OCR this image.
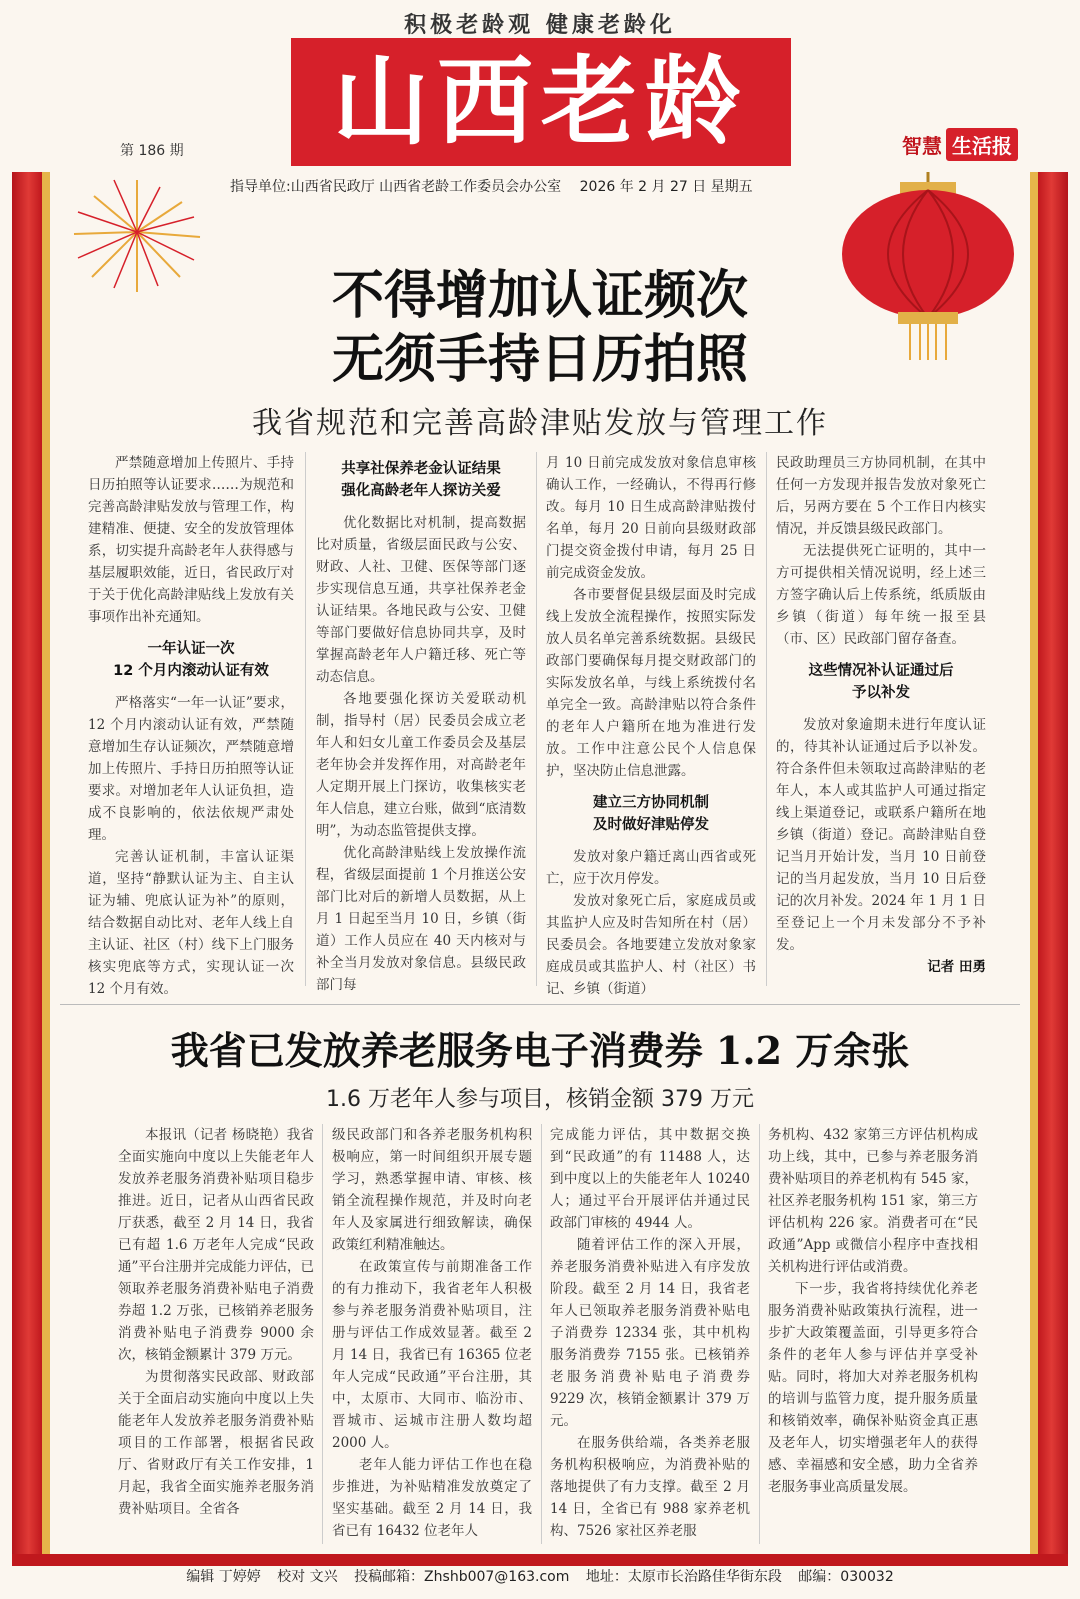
积极老龄观 健康老龄化
山西老龄
第 186 期	智慧 生活报
指导单位:山西省民政厅 山西省老龄工作委员会办公室 2026 年 2 月 27 日 星期五
不得增加认证频次
无须手持日历拍照
我省规范和完善高龄津贴发放与管理工作

严禁随意增加上传照片、手持日历拍照等认证要求……为规范和完善高龄津贴发放与管理工作，构建精准、便捷、安全的发放管理体系，切实提升高龄老年人获得感与基层履职效能，近日，省民政厅对于关于优化高龄津贴线上发放有关事项作出补充通知。

一年认证一次
12 个月内滚动认证有效

严格落实“一年一认证”要求，12 个月内滚动认证有效，严禁随意增加生存认证频次，严禁随意增加上传照片、手持日历拍照等认证要求。对增加老年人认证负担，造成不良影响的，依法依规严肃处理。

完善认证机制，丰富认证渠道，坚持“静默认证为主、自主认证为辅、兜底认证为补”的原则，结合数据自动比对、老年人线上自主认证、社区（村）线下上门服务核实兜底等方式，实现认证一次 12 个月有效。

共享社保养老金认证结果
强化高龄老年人探访关爱

优化数据比对机制，提高数据比对质量，省级层面民政与公安、财政、人社、卫健、医保等部门逐步实现信息互通，共享社保养老金认证结果。各地民政与公安、卫健等部门要做好信息协同共享，及时掌握高龄老年人户籍迁移、死亡等动态信息。

各地要强化探访关爱联动机制，指导村（居）民委员会成立老年人和妇女儿童工作委员会及基层老年协会并发挥作用，对高龄老年人定期开展上门探访，收集核实老年人信息，建立台账，做到“底清数明”，为动态监管提供支撑。

优化高龄津贴线上发放操作流程，省级层面提前 1 个月推送公安部门比对后的新增人员数据，从上月 1 日起至当月 10 日，乡镇（街道）工作人员应在 40 天内核对与补全当月发放对象信息。县级民政部门每

月 10 日前完成发放对象信息审核确认工作，一经确认，不得再行修改。每月 10 日生成高龄津贴拨付名单，每月 20 日前向县级财政部门提交资金拨付申请，每月 25 日前完成资金发放。

各市要督促县级层面及时完成线上发放全流程操作，按照实际发放人员名单完善系统数据。县级民政部门要确保每月提交财政部门的实际发放名单，与线上系统拨付名单完全一致。高龄津贴以符合条件的老年人户籍所在地为准进行发放。工作中注意公民个人信息保护，坚决防止信息泄露。

建立三方协同机制
及时做好津贴停发

发放对象户籍迁离山西省或死亡，应于次月停发。

发放对象死亡后，家庭成员或其监护人应及时告知所在村（居）民委员会。各地要建立发放对象家庭成员或其监护人、村（社区）书记、乡镇（街道）

民政助理员三方协同机制，在其中任何一方发现并报告发放对象死亡后，另两方要在 5 个工作日内核实情况，并反馈县级民政部门。

无法提供死亡证明的，其中一方可提供相关情况说明，经上述三方签字确认后上传系统，纸质版由乡镇（街道）每年统一报至县（市、区）民政部门留存备查。

这些情况补认证通过后
予以补发

发放对象逾期未进行年度认证的，待其补认证通过后予以补发。符合条件但未领取过高龄津贴的老年人，本人或其监护人可通过指定线上渠道登记，或联系户籍所在地乡镇（街道）登记。高龄津贴自登记当月开始计发，当月 10 日前登记的当月起发放，当月 10 日后登记的次月补发。2024 年 1 月 1 日至登记上一个月未发部分不予补发。

记者 田勇

我省已发放养老服务电子消费券 1.2 万余张
1.6 万老年人参与项目，核销金额 379 万元

本报讯（记者 杨晓艳）我省全面实施向中度以上失能老年人发放养老服务消费补贴项目稳步推进。近日，记者从山西省民政厅获悉，截至 2 月 14 日，我省已有超 1.6 万老年人完成“民政通”平台注册并完成能力评估，已领取养老服务消费补贴电子消费券超 1.2 万张，已核销养老服务消费补贴电子消费券 9000 余次，核销金额累计 379 万元。

为贯彻落实民政部、财政部关于全面启动实施向中度以上失能老年人发放养老服务消费补贴项目的工作部署，根据省民政厅、省财政厅有关工作安排，1 月起，我省全面实施养老服务消费补贴项目。全省各

级民政部门和各养老服务机构积极响应，第一时间组织开展专题学习，熟悉掌握申请、审核、核销全流程操作规范，并及时向老年人及家属进行细致解读，确保政策红利精准触达。

在政策宣传与前期准备工作的有力推动下，我省老年人积极参与养老服务消费补贴项目，注册与评估工作成效显著。截至 2 月 14 日，我省已有 16365 位老年人完成“民政通”平台注册，其中，太原市、大同市、临汾市、晋城市、运城市注册人数均超 2000 人。

老年人能力评估工作也在稳步推进，为补贴精准发放奠定了坚实基础。截至 2 月 14 日，我省已有 16432 位老年人

完成能力评估，其中数据交换到“民政通”的有 11488 人，达到中度以上的失能老年人 10240 人；通过平台开展评估并通过民政部门审核的 4944 人。

随着评估工作的深入开展，养老服务消费补贴进入有序发放阶段。截至 2 月 14 日，我省老年人已领取养老服务消费补贴电子消费券 12334 张，其中机构服务消费券 7155 张。已核销养老服务消费补贴电子消费券 9229 次，核销金额累计 379 万元。

在服务供给端，各类养老服务机构积极响应，为消费补贴的落地提供了有力支撑。截至 2 月 14 日，全省已有 988 家养老机构、7526 家社区养老服

务机构、432 家第三方评估机构成功上线，其中，已参与养老服务消费补贴项目的养老机构有 545 家，社区养老服务机构 151 家，第三方评估机构 226 家。消费者可在“民政通”App 或微信小程序中查找相关机构进行评估或消费。

下一步，我省将持续优化养老服务消费补贴政策执行流程，进一步扩大政策覆盖面，引导更多符合条件的老年人参与评估并享受补贴。同时，将加大对养老服务机构的培训与监管力度，提升服务质量和核销效率，确保补贴资金真正惠及老年人，切实增强老年人的获得感、幸福感和安全感，助力全省养老服务事业高质量发展。

编辑 丁婷婷 校对 文兴 投稿邮箱：Zhshb007@163.com 地址：太原市长治路佳华街东段 邮编：030032
